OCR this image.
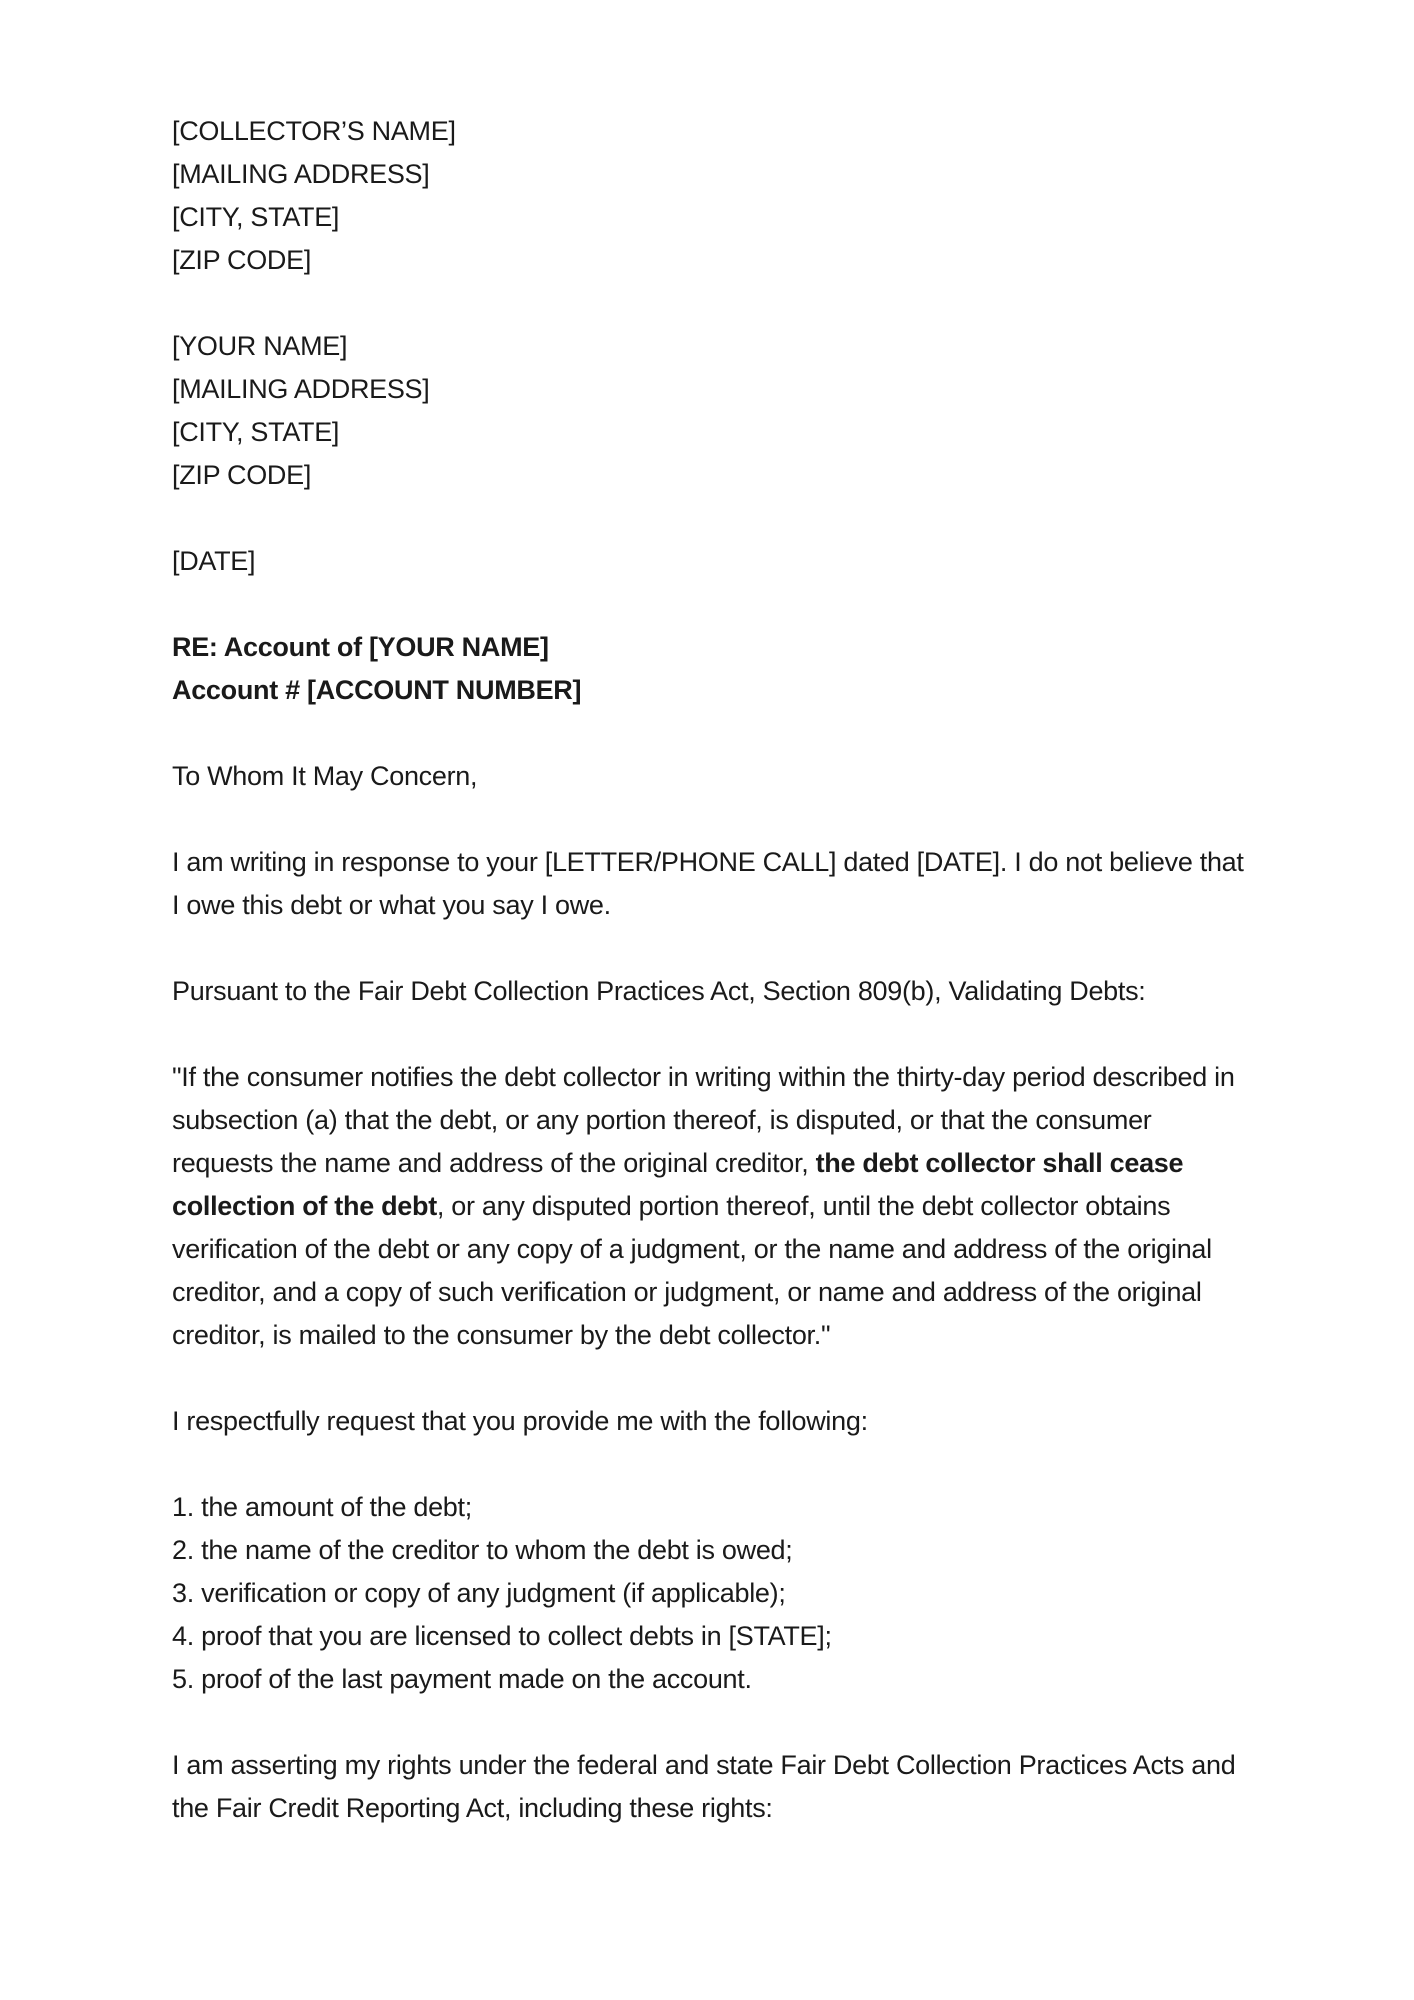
[COLLECTOR’S NAME]
[MAILING ADDRESS]
[CITY, STATE]
[ZIP CODE]
[YOUR NAME]
[MAILING ADDRESS]
[CITY, STATE]
[ZIP CODE]
[DATE]
RE: Account of [YOUR NAME]
Account # [ACCOUNT NUMBER]

To Whom It May Concern,

I am writing in response to your [LETTER/PHONE CALL] dated [DATE]. I do not believe that I owe this debt or what you say I owe.

Pursuant to the Fair Debt Collection Practices Act, Section 809(b), Validating Debts:

"If the consumer notifies the debt collector in writing within the thirty-day period described in subsection (a) that the debt, or any portion thereof, is disputed, or that the consumer requests the name and address of the original creditor, the debt collector shall cease collection of the debt, or any disputed portion thereof, until the debt collector obtains verification of the debt or any copy of a judgment, or the name and address of the original creditor, and a copy of such verification or judgment, or name and address of the original creditor, is mailed to the consumer by the debt collector."

I respectfully request that you provide me with the following:

1. the amount of the debt;
2. the name of the creditor to whom the debt is owed;
3. verification or copy of any judgment (if applicable);
4. proof that you are licensed to collect debts in [STATE];
5. proof of the last payment made on the account.

I am asserting my rights under the federal and state Fair Debt Collection Practices Acts and the Fair Credit Reporting Act, including these rights:
